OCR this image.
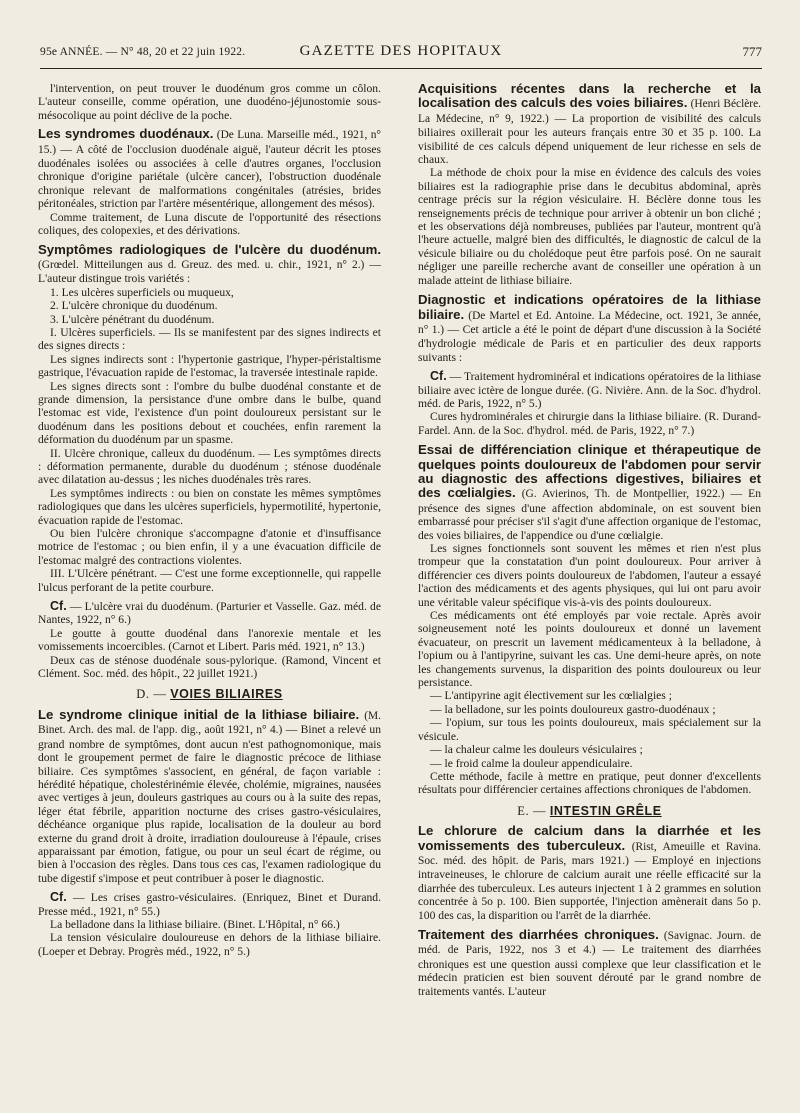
95e ANNÉE. — N° 48, 20 et 22 juin 1922.	GAZETTE DES HOPITAUX	777

l'intervention, on peut trouver le duodénum gros comme un côlon. L'auteur conseille, comme opération, une duodéno-jéjunostomie sous-mésocolique au point déclive de la poche.

Les syndromes duodénaux. (De Luna. Marseille méd., 1921, n° 15.) — A côté de l'occlusion duodénale aiguë, l'auteur décrit les ptoses duodénales isolées ou associées à celle d'autres organes, l'occlusion chronique d'origine pariétale (ulcère cancer), l'obstruction duodénale chronique relevant de malformations congénitales (atrésies, brides péritonéales, striction par l'artère mésentérique, allongement des mésos).

Comme traitement, de Luna discute de l'opportunité des résections coliques, des colopexies, et des dérivations.

Symptômes radiologiques de l'ulcère du duodénum. (Grœdel. Mitteilungen aus d. Greuz. des med. u. chir., 1921, n° 2.) — L'auteur distingue trois variétés :

1. Les ulcères superficiels ou muqueux,

2. L'ulcère chronique du duodénum.

3. L'ulcère pénétrant du duodénum.

I. Ulcères superficiels. — Ils se manifestent par des signes indirects et des signes directs :

Les signes indirects sont : l'hypertonie gastrique, l'hyper-péristaltisme gastrique, l'évacuation rapide de l'estomac, la traversée intestinale rapide.

Les signes directs sont : l'ombre du bulbe duodénal constante et de grande dimension, la persistance d'une ombre dans le bulbe, quand l'estomac est vide, l'existence d'un point douloureux persistant sur le duodénum dans les positions debout et couchées, enfin rarement la déformation du duodénum par un spasme.

II. Ulcère chronique, calleux du duodénum. — Les symptômes directs : déformation permanente, durable du duodénum ; sténose duodénale avec dilatation au-dessus ; les niches duodénales très rares.

Les symptômes indirects : ou bien on constate les mêmes symptômes radiologiques que dans les ulcères superficiels, hypermotilité, hypertonie, évacuation rapide de l'estomac.

Ou bien l'ulcère chronique s'accompagne d'atonie et d'insuffisance motrice de l'estomac ; ou bien enfin, il y a une évacuation difficile de l'estomac malgré des contractions violentes.

III. L'Ulcère pénétrant. — C'est une forme exceptionnelle, qui rappelle l'ulcus perforant de la petite courbure.

Cf. — L'ulcère vrai du duodénum. (Parturier et Vasselle. Gaz. méd. de Nantes, 1922, n° 6.)

Le goutte à goutte duodénal dans l'anorexie mentale et les vomissements incoercibles. (Carnot et Libert. Paris méd. 1921, n° 13.)

Deux cas de sténose duodénale sous-pylorique. (Ramond, Vincent et Clément. Soc. méd. des hôpit., 22 juillet 1921.)

D. — VOIES BILIAIRES

Le syndrome clinique initial de la lithiase biliaire. (M. Binet. Arch. des mal. de l'app. dig., août 1921, n° 4.) — Binet a relevé un grand nombre de symptômes, dont aucun n'est pathognomonique, mais dont le groupement permet de faire le diagnostic précoce de lithiase biliaire. Ces symptômes s'associent, en général, de façon variable : hérédité hépatique, cholestérinémie élevée, cholémie, migraines, nausées avec vertiges à jeun, douleurs gastriques au cours ou à la suite des repas, léger état fébrile, apparition nocturne des crises gastro-vésiculaires, déchéance organique plus rapide, localisation de la douleur au bord externe du grand droit à droite, irradiation douloureuse à l'épaule, crises apparaissant par émotion, fatigue, ou pour un seul écart de régime, ou bien à l'occasion des règles. Dans tous ces cas, l'examen radiologique du tube digestif s'impose et peut contribuer à poser le diagnostic.

Cf. — Les crises gastro-vésiculaires. (Enriquez, Binet et Durand. Presse méd., 1921, n° 55.)

La belladone dans la lithiase biliaire. (Binet. L'Hôpital, n° 66.)

La tension vésiculaire douloureuse en dehors de la lithiase biliaire. (Loeper et Debray. Progrès méd., 1922, n° 5.)

Acquisitions récentes dans la recherche et la localisation des calculs des voies biliaires. (Henri Béclère. La Médecine, n° 9, 1922.) — La proportion de visibilité des calculs biliaires oxillerait pour les auteurs français entre 30 et 35 p. 100. La visibilité de ces calculs dépend uniquement de leur richesse en sels de chaux.

La méthode de choix pour la mise en évidence des calculs des voies biliaires est la radiographie prise dans le decubitus abdominal, après centrage précis sur la région vésiculaire. H. Béclère donne tous les renseignements précis de technique pour arriver à obtenir un bon cliché ; et les observations déjà nombreuses, publiées par l'auteur, montrent qu'à l'heure actuelle, malgré bien des difficultés, le diagnostic de calcul de la vésicule biliaire ou du cholédoque peut être parfois posé. On ne saurait négliger une pareille recherche avant de conseiller une opération à un malade atteint de lithiase biliaire.

Diagnostic et indications opératoires de la lithiase biliaire. (De Martel et Ed. Antoine. La Médecine, oct. 1921, 3e année, n° 1.) — Cet article a été le point de départ d'une discussion à la Société d'hydrologie médicale de Paris et en particulier des deux rapports suivants :

Cf. — Traitement hydrominéral et indications opératoires de la lithiase biliaire avec ictère de longue durée. (G. Nivière. Ann. de la Soc. d'hydrol. méd. de Paris, 1922, n° 5.)

Cures hydrominérales et chirurgie dans la lithiase biliaire. (R. Durand-Fardel. Ann. de la Soc. d'hydrol. méd. de Paris, 1922, n° 7.)

Essai de différenciation clinique et thérapeutique de quelques points douloureux de l'abdomen pour servir au diagnostic des affections digestives, biliaires et des cœlialgies. (G. Avierinos, Th. de Montpellier, 1922.) — En présence des signes d'une affection abdominale, on est souvent bien embarrassé pour préciser s'il s'agit d'une affection organique de l'estomac, des voies biliaires, de l'appendice ou d'une cœlialgie.

Les signes fonctionnels sont souvent les mêmes et rien n'est plus trompeur que la constatation d'un point douloureux. Pour arriver à différencier ces divers points douloureux de l'abdomen, l'auteur a essayé l'action des médicaments et des agents physiques, qui lui ont paru avoir une véritable valeur spécifique vis-à-vis des points douloureux.

Ces médicaments ont été employés par voie rectale. Après avoir soigneusement noté les points douloureux et donné un lavement évacuateur, on prescrit un lavement médicamenteux à la belladone, à l'opium ou à l'antipyrine, suivant les cas. Une demi-heure après, on note les changements survenus, la disparition des points douloureux ou leur persistance.

— L'antipyrine agit électivement sur les cœlialgies ;

— la belladone, sur les points douloureux gastro-duodénaux ;

— l'opium, sur tous les points douloureux, mais spécialement sur la vésicule.

— la chaleur calme les douleurs vésiculaires ;

— le froid calme la douleur appendiculaire.

Cette méthode, facile à mettre en pratique, peut donner d'excellents résultats pour différencier certaines affections chroniques de l'abdomen.

E. — INTESTIN GRÊLE

Le chlorure de calcium dans la diarrhée et les vomissements des tuberculeux. (Rist, Ameuille et Ravina. Soc. méd. des hôpit. de Paris, mars 1921.) — Employé en injections intraveineuses, le chlorure de calcium aurait une réelle efficacité sur la diarrhée des tuberculeux. Les auteurs injectent 1 à 2 grammes en solution concentrée à 5o p. 100. Bien supportée, l'injection amènerait dans 5o p. 100 des cas, la disparition ou l'arrêt de la diarrhée.

Traitement des diarrhées chroniques. (Savignac. Journ. de méd. de Paris, 1922, nos 3 et 4.) — Le traitement des diarrhées chroniques est une question aussi complexe que leur classification et le médecin praticien est bien souvent dérouté par le grand nombre de traitements vantés. L'auteur
